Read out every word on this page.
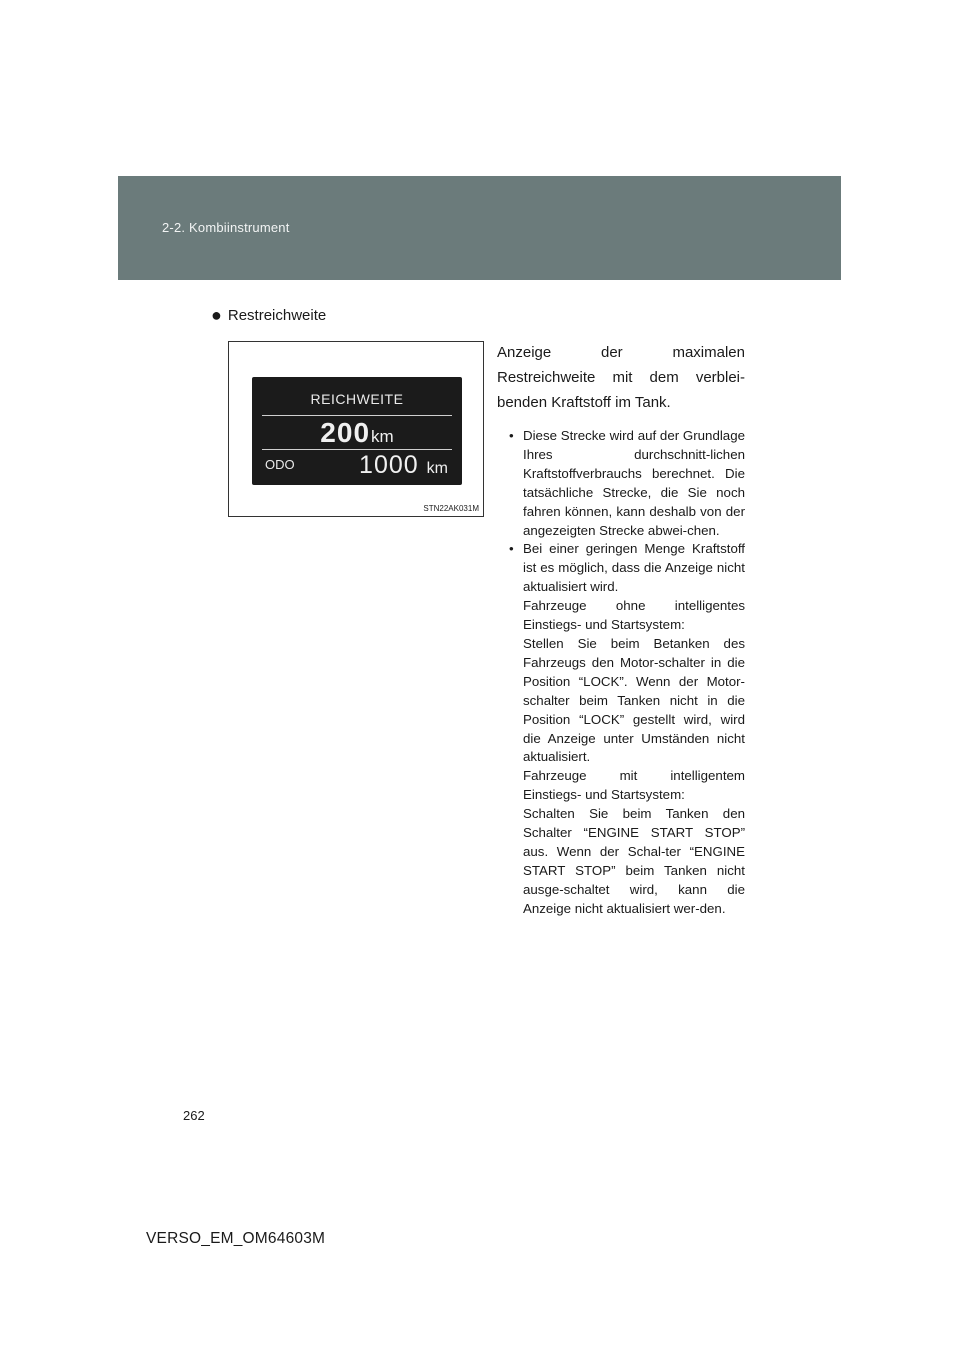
2-2. Kombiinstrument
● Restreichweite
REICHWEITE
200km
ODO	1000 km
STN22AK031M

Anzeige der maximalen Restreichweite mit dem verblei-benden Kraftstoff im Tank.

• Diese Strecke wird auf der Grundlage Ihres durchschnitt-lichen Kraftstoffverbrauchs berechnet. Die tatsächliche Strecke, die Sie noch fahren können, kann deshalb von der angezeigten Strecke abwei-chen.

• Bei einer geringen Menge Kraftstoff ist es möglich, dass die Anzeige nicht aktualisiert wird.

Fahrzeuge ohne intelligentes Einstiegs- und Startsystem:

Stellen Sie beim Betanken des Fahrzeugs den Motor-schalter in die Position “LOCK”. Wenn der Motor-schalter beim Tanken nicht in die Position “LOCK” gestellt wird, wird die Anzeige unter Umständen nicht aktualisiert.

Fahrzeuge mit intelligentem Einstiegs- und Startsystem:

Schalten Sie beim Tanken den Schalter “ENGINE START STOP” aus. Wenn der Schal-ter “ENGINE START STOP” beim Tanken nicht ausge-schaltet wird, kann die Anzeige nicht aktualisiert wer-den.

262
VERSO_EM_OM64603M
